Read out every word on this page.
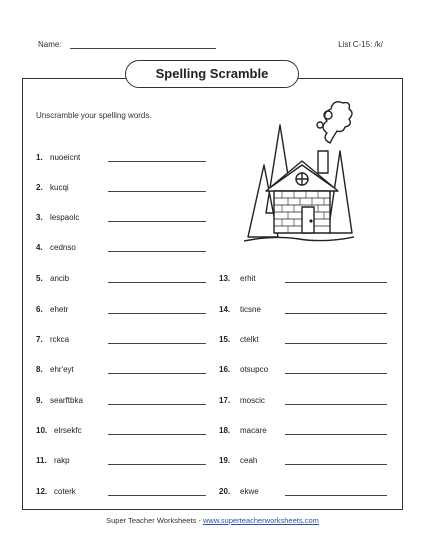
Name:	List C-15: /k/
Spelling Scramble
Unscramble your spelling words.
1. nuoeicnt
2. kucqi
3. lespaolc
4. cednso
5. ancib
6. ehetr
7. rckca
8. ehr'eyt
9. searftbka
10. elrsekfc
11. rakp
12. coterk
13. erhit
14. ticsne
15. ctelkt
16. otsupco
17. moscic
18. macare
19. ceah
20. ekwe
Super Teacher Worksheets - www.superteacherworksheets.com
